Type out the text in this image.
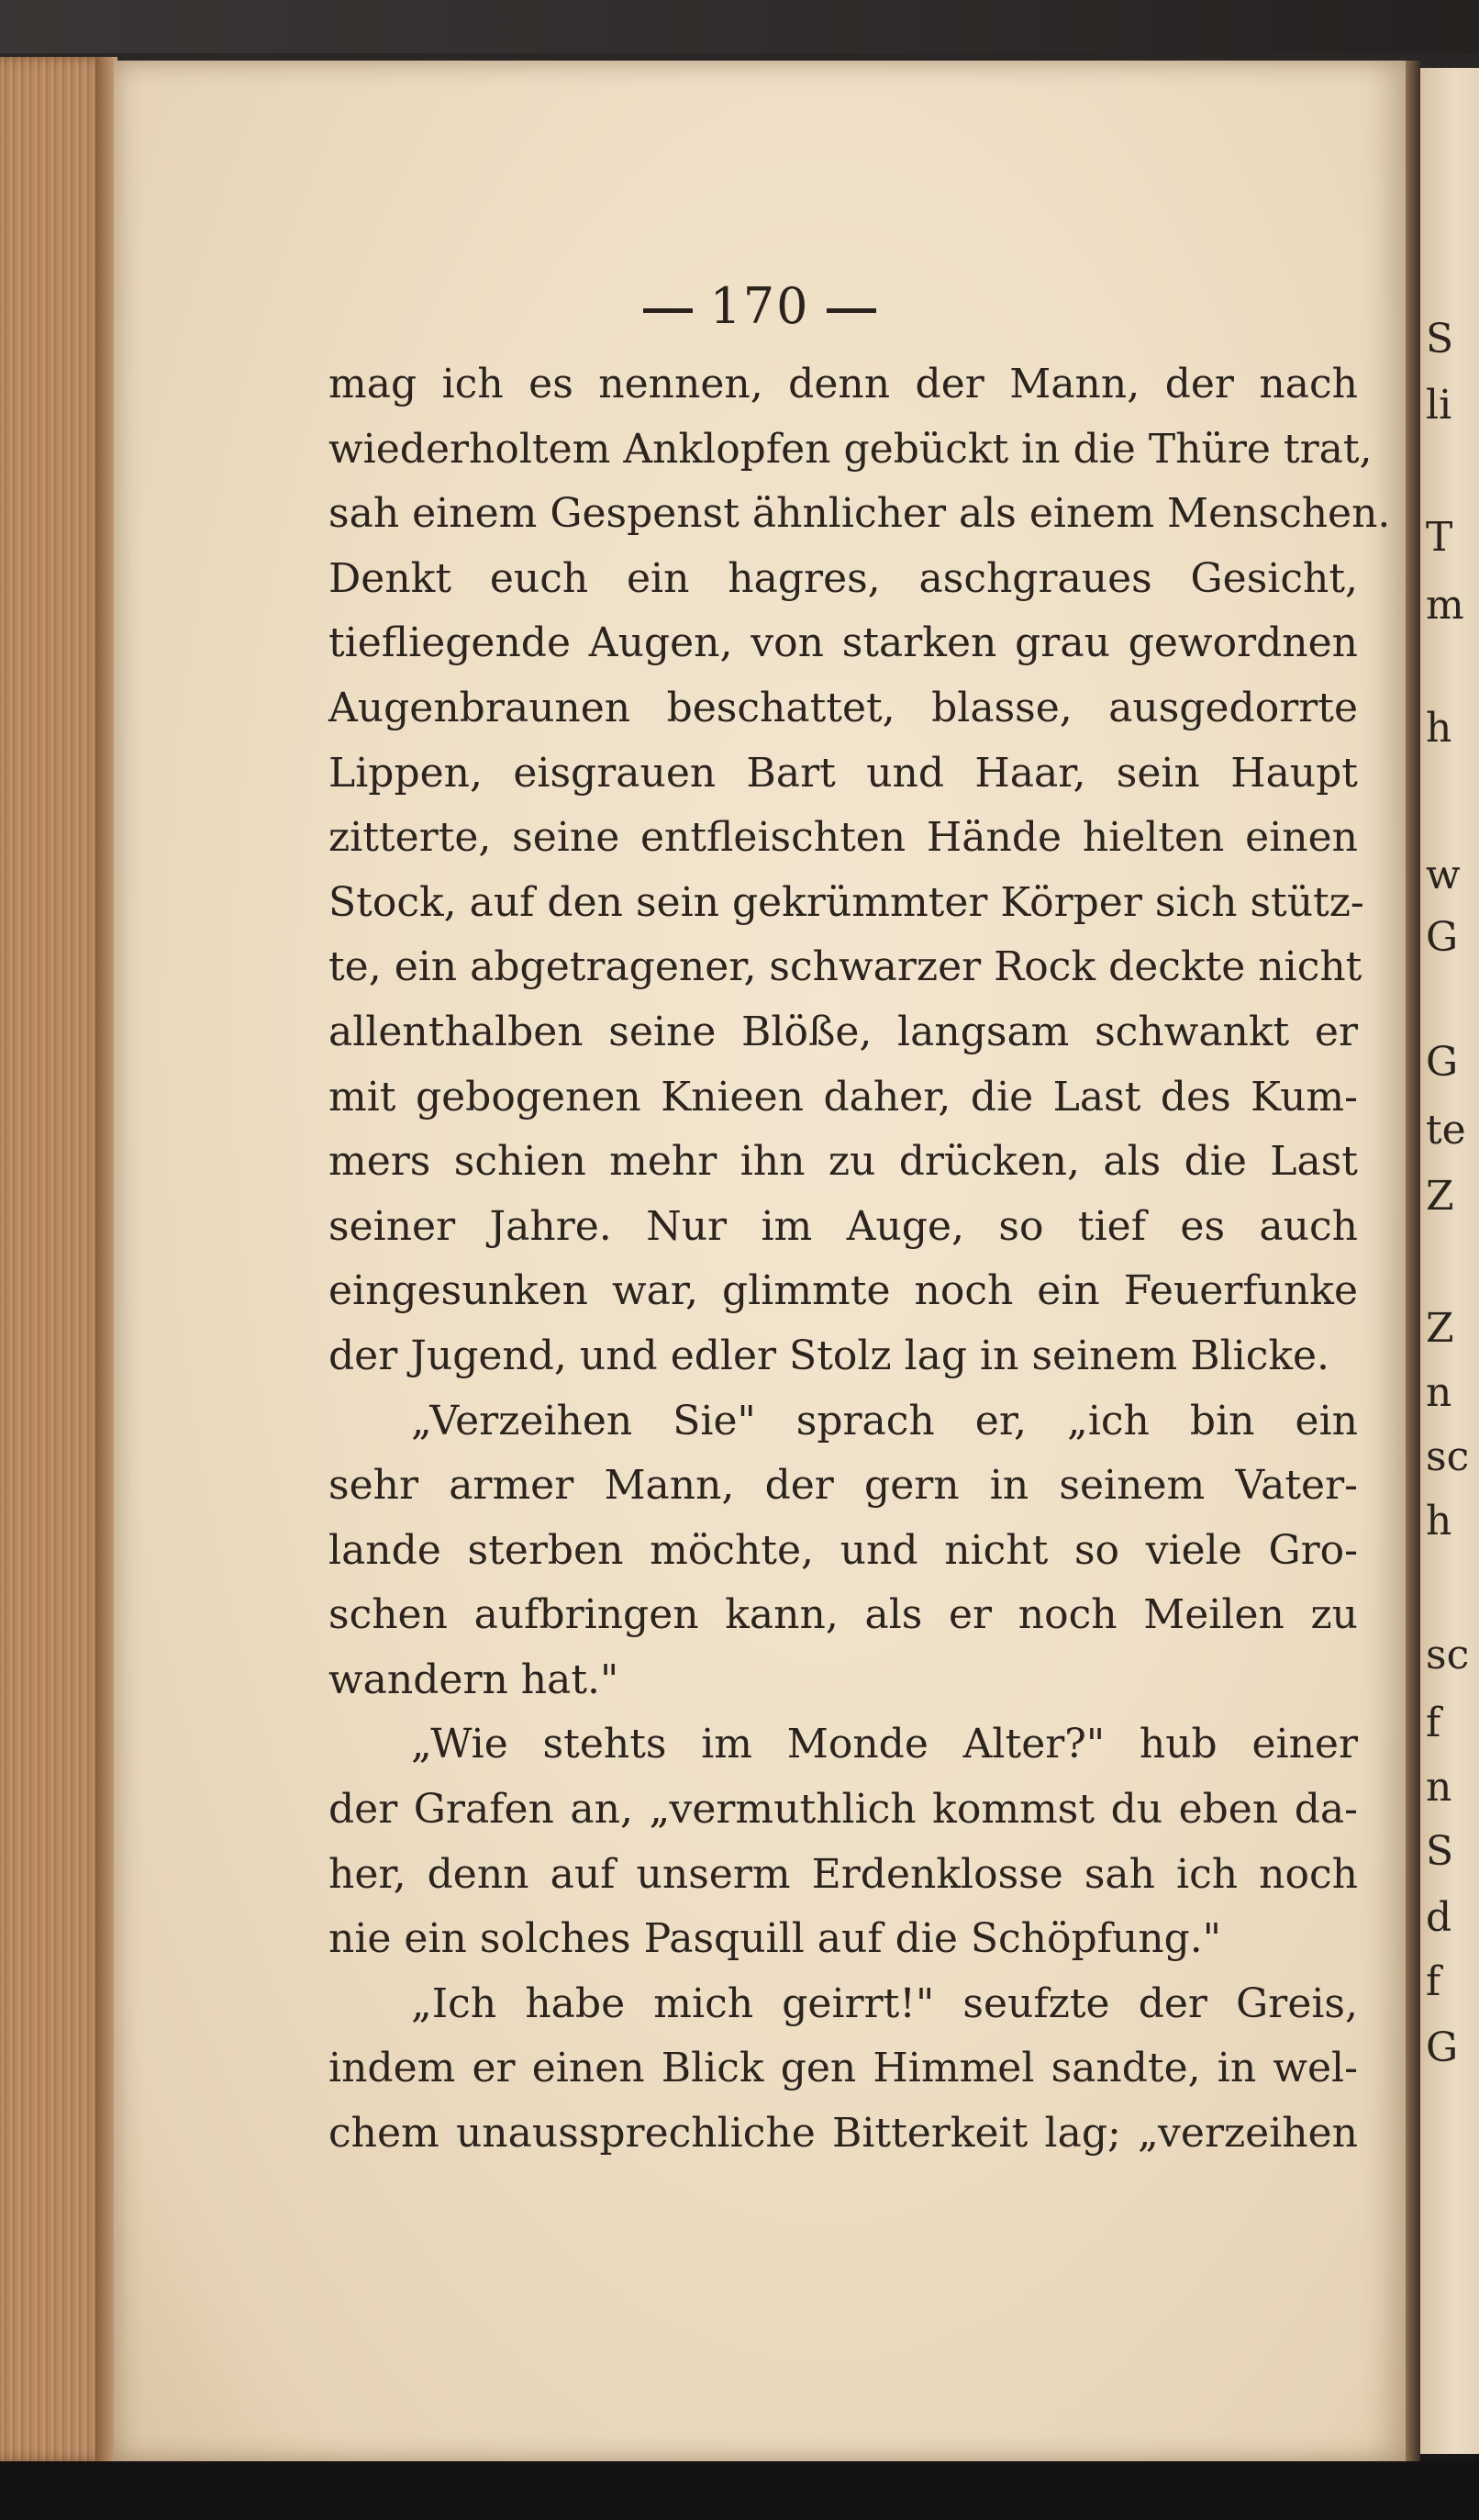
S
li
T
m
h
w
G
G
te
Z
Z
n
sc
h
sc
f
n
S
d
f
G
170
mag ich es nennen, denn der Mann, der nach
wiederholtem Anklopfen gebückt in die Thüre trat,
sah einem Gespenst ähnlicher als einem Menschen.
Denkt euch ein hagres, aschgraues Gesicht,
tiefliegende Augen, von starken grau gewordnen
Augenbraunen beschattet, blasse, ausgedorrte
Lippen, eisgrauen Bart und Haar, sein Haupt
zitterte, seine entfleischten Hände hielten einen
Stock, auf den sein gekrümmter Körper sich stütz-
te, ein abgetragener, schwarzer Rock deckte nicht
allenthalben seine Blöße, langsam schwankt er
mit gebogenen Knieen daher, die Last des Kum-
mers schien mehr ihn zu drücken, als die Last
seiner Jahre. Nur im Auge, so tief es auch
eingesunken war, glimmte noch ein Feuerfunke
der Jugend, und edler Stolz lag in seinem Blicke.
„Verzeihen Sie" sprach er, „ich bin ein
sehr armer Mann, der gern in seinem Vater-
lande sterben möchte, und nicht so viele Gro-
schen aufbringen kann, als er noch Meilen zu
wandern hat."
„Wie stehts im Monde Alter?" hub einer
der Grafen an, „vermuthlich kommst du eben da-
her, denn auf unserm Erdenklosse sah ich noch
nie ein solches Pasquill auf die Schöpfung."
„Ich habe mich geirrt!" seufzte der Greis,
indem er einen Blick gen Himmel sandte, in wel-
chem unaussprechliche Bitterkeit lag; „verzeihen
